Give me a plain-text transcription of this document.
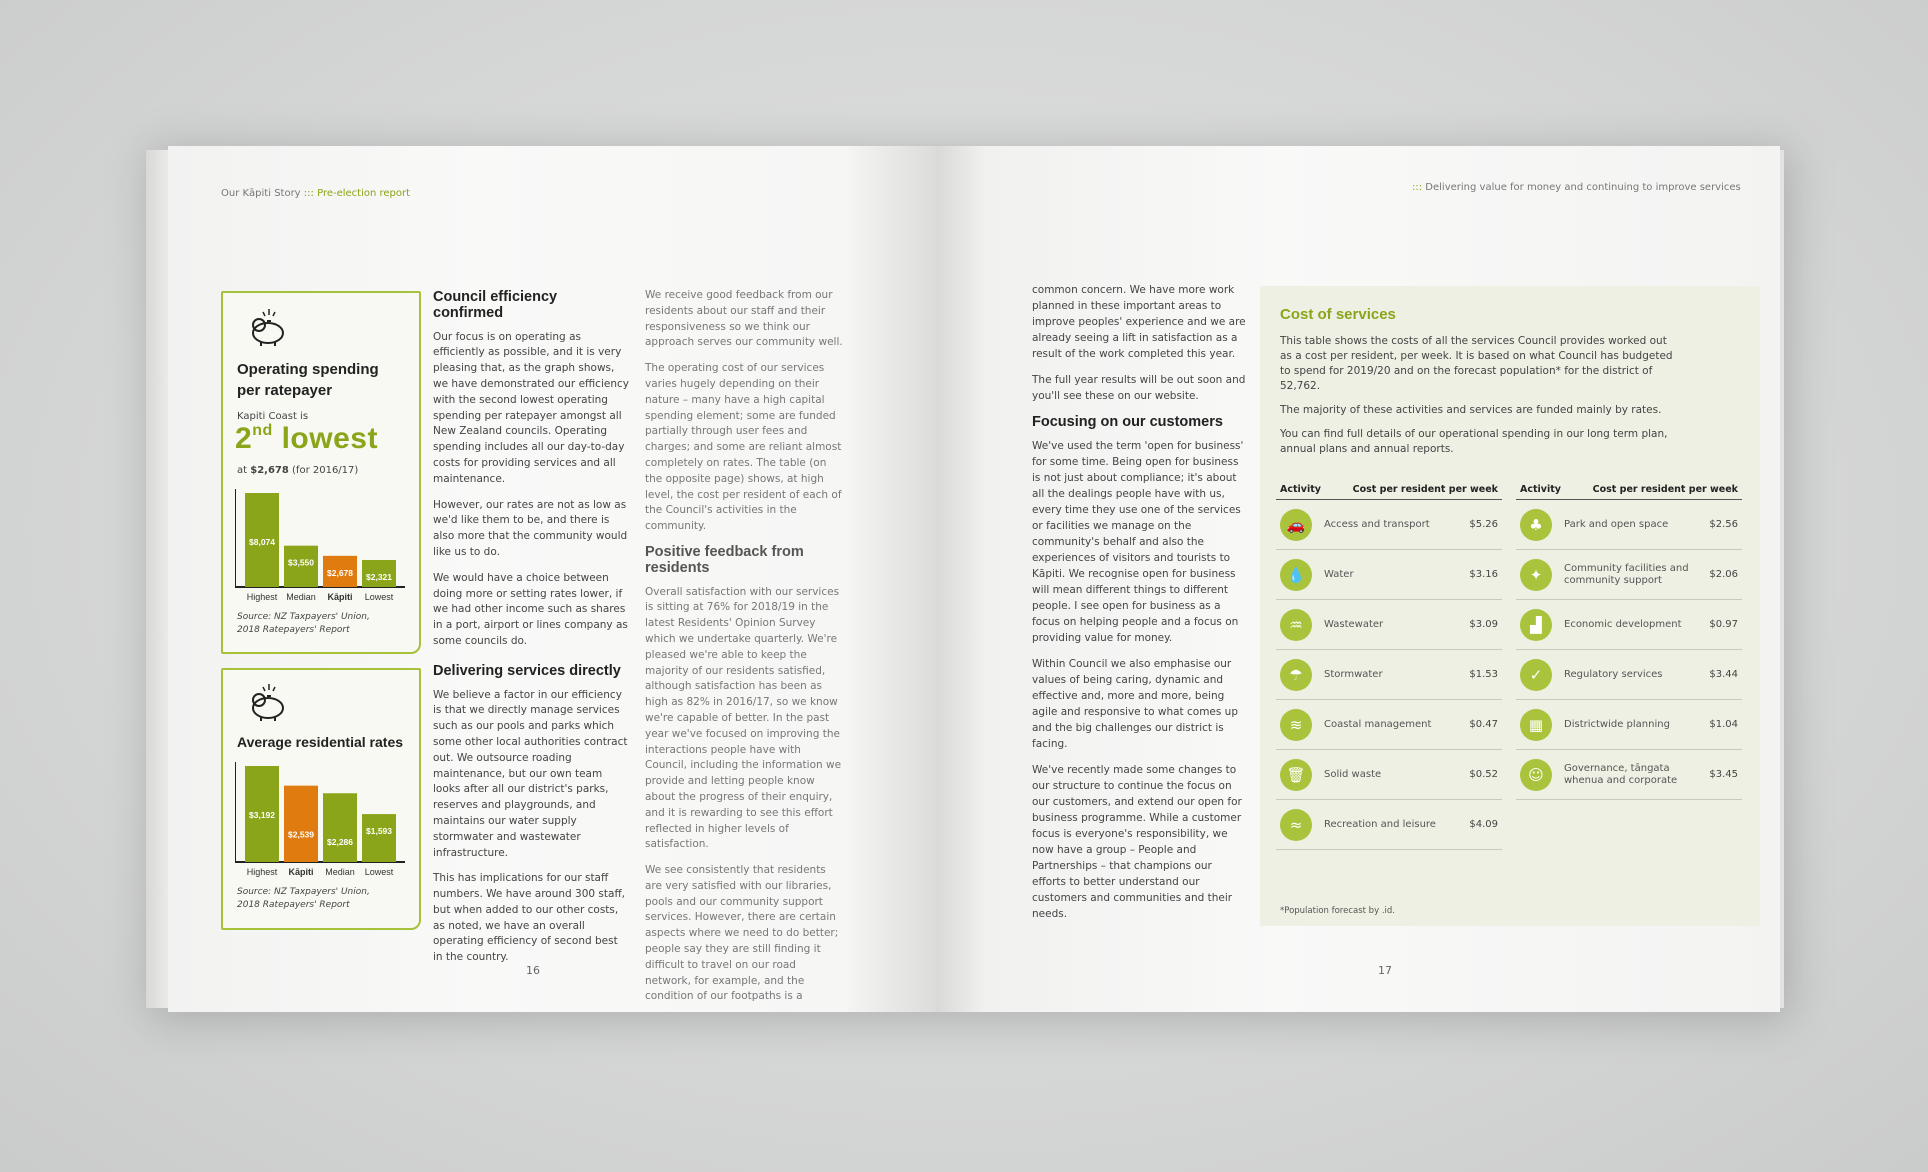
Our Kāpiti Story ::: Pre-election report
Operating spending
per ratepayer
Kapiti Coast is
2nd lowest
at $2,678 (for 2016/17)
$8,074
Highest
$3,550
Median
$2,678
Kāpiti
$2,321
Lowest
Source: NZ Taxpayers' Union,
2018 Ratepayers' Report
Average residential rates
$3,192
Highest
$2,539
Kāpiti
$2,286
Median
$1,593
Lowest
Source: NZ Taxpayers' Union,
2018 Ratepayers' Report
Council efficiency confirmed

Our focus is on operating as efficiently as possible, and it is very pleasing that, as the graph shows, we have demonstrated our efficiency with the second lowest operating spending per ratepayer amongst all New Zealand councils. Operating spending includes all our day-to-day costs for providing services and all maintenance.

However, our rates are not as low as we'd like them to be, and there is also more that the community would like us to do.

We would have a choice between doing more or setting rates lower, if we had other income such as shares in a port, airport or lines company as some councils do.

Delivering services directly

We believe a factor in our efficiency is that we directly manage services such as our pools and parks which some other local authorities contract out. We outsource roading maintenance, but our own team looks after all our district's parks, reserves and playgrounds, and maintains our water supply stormwater and wastewater infrastructure.

This has implications for our staff numbers. We have around 300 staff, but when added to our other costs, as noted, we have an overall operating efficiency of second best in the country.

We receive good feedback from our residents about our staff and their responsiveness so we think our approach serves our community well.

The operating cost of our services varies hugely depending on their nature – many have a high capital spending element; some are funded partially through user fees and charges; and some are reliant almost completely on rates. The table (on the opposite page) shows, at high level, the cost per resident of each of the Council's activities in the community.

Positive feedback from residents

Overall satisfaction with our services is sitting at 76% for 2018/19 in the latest Residents' Opinion Survey which we undertake quarterly. We're pleased we're able to keep the majority of our residents satisfied, although satisfaction has been as high as 82% in 2016/17, so we know we're capable of better. In the past year we've focused on improving the interactions people have with Council, including the information we provide and letting people know about the progress of their enquiry, and it is rewarding to see this effort reflected in higher levels of satisfaction.

We see consistently that residents are very satisfied with our libraries, pools and our community support services. However, there are certain aspects where we need to do better; people say they are still finding it difficult to travel on our road network, for example, and the condition of our footpaths is a

16
::: Delivering value for money and continuing to improve services

common concern. We have more work planned in these important areas to improve peoples' experience and we are already seeing a lift in satisfaction as a result of the work completed this year.

The full year results will be out soon and you'll see these on our website.

Focusing on our customers

We've used the term 'open for business' for some time. Being open for business is not just about compliance; it's about all the dealings people have with us, every time they use one of the services or facilities we manage on the community's behalf and also the experiences of visitors and tourists to Kāpiti. We recognise open for business will mean different things to different people. I see open for business as a focus on helping people and a focus on providing value for money.

Within Council we also emphasise our values of being caring, dynamic and effective and, more and more, being agile and responsive to what comes up and the big challenges our district is facing.

We've recently made some changes to our structure to continue the focus on our customers, and extend our open for business programme. While a customer focus is everyone's responsibility, we now have a group – People and Partnerships – that champions our efforts to better understand our customers and communities and their needs.

Cost of services

This table shows the costs of all the services Council provides worked out as a cost per resident, per week. It is based on what Council has budgeted to spend for 2019/20 and on the forecast population* for the district of 52,762.

The majority of these activities and services are funded mainly by rates.

You can find full details of our operational spending in our long term plan, annual plans and annual reports.

Activity	Cost per resident per week
🚗	Access and transport	$5.26
💧	Water	$3.16
♒	Wastewater	$3.09
☂	Stormwater	$1.53
≋	Coastal management	$0.47
🗑	Solid waste	$0.52
≈	Recreation and leisure	$4.09
Activity	Cost per resident per week
♣	Park and open space	$2.56
✦	Community facilities and community support	$2.06
▟	Economic development	$0.97
✓	Regulatory services	$3.44
▦	Districtwide planning	$1.04
☺	Governance, tāngata whenua and corporate	$3.45
*Population forecast by .id.
17
